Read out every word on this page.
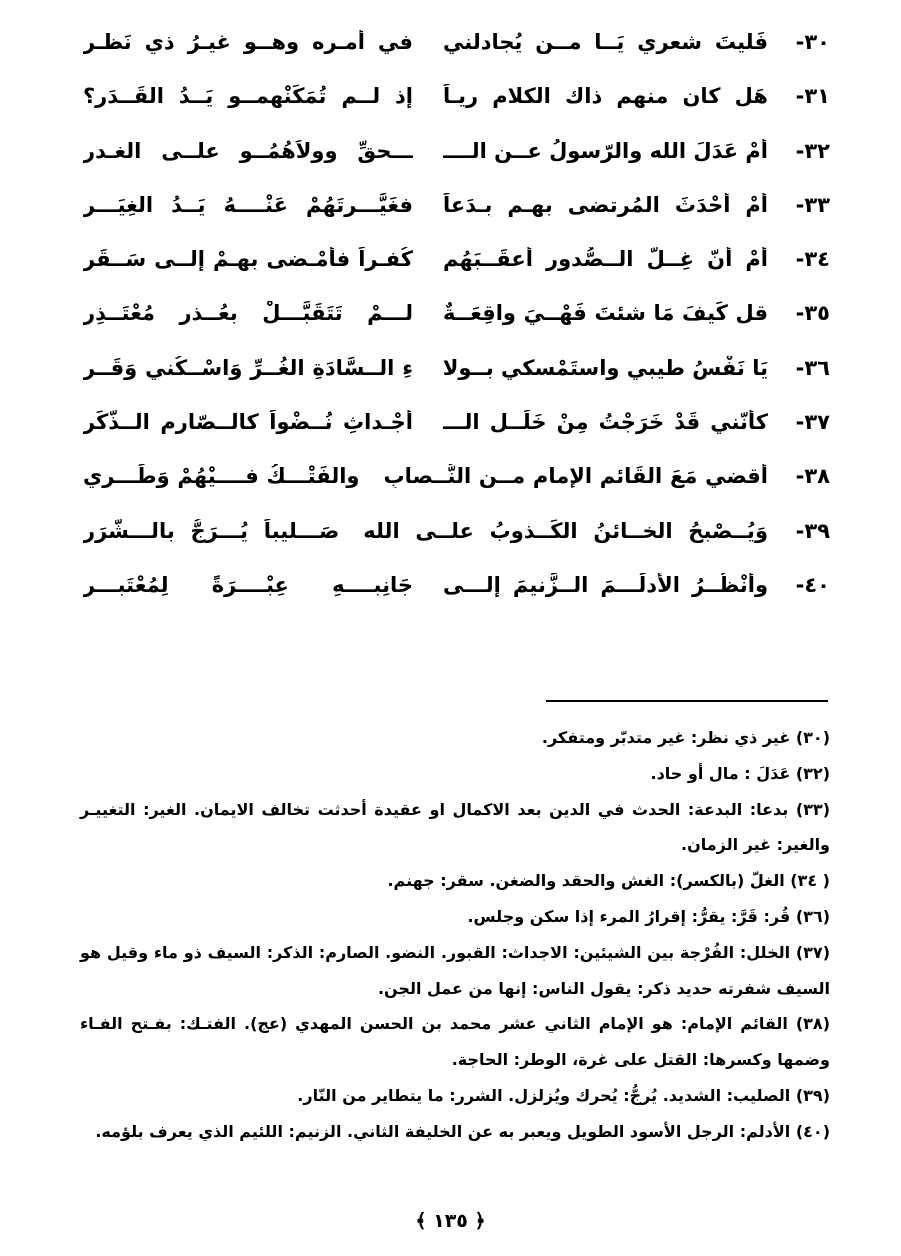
٣٠-
فَليتَ شعري يَــا مــن يُجادلني
في أمـره وهــو غيـرُ ذي نَظـر
٣١-
هَل كان منهم ذاك الكلام ريـاً
إذ لــم تُمَكِّنْهمــو يَــدُ القَــدَرِ؟
٣٢-
أمْ عَدَلَ الله والرّسولُ عــن الــــ
ـــحقِّ وولاَهُمُــو علــى الغـدرِ
٣٣-
أمْ أحْدَثَ المُرتضى بهـم بِـدَعاً
فغَيَّـــرتَهُمْ عَنْــــهُ يَــدُ الغِيَـــرِ
٣٤-
أمْ أنّ غِــلَّ الــصُّدورِ أعقَــبَهُم
كُفـراً فأمْـضى بِهِـمْ إلــى سَــقَرِ
٣٥-
قل كَيفَ مَا شئتَ فَهْــيَ واقِعَــةٌ
لـــمْ تَتَقَبَّـــلْ بعُــذرِ مُعْتَــذِرِ
٣٦-
يَا نَفْسُ طيبي واستَمْسكي بــولا
ءِ الــسَّادَةِ الغُــرِّ وَاسْــكُني وَقَــرِ
٣٧-
كأنّني قَدْ خَرَجْتُ مِنْ خَلَــلِ الـــ
أجْـداثِ نُــضْواً كالــصّارِمِ الــذَّكَرِ
٣٨-
أقضي مَعَ القَائمِ الإمامِ مــن النُّــصابِوالفَتْـــكُ فــــيْهُمْ وَطَـــرِي
٣٩-
وَيُــصْبِحُ الخــائنُ الكَــذوبُ علــى اللهصَـــليباً يُـــرَجُّ بالـــشَّرَرِ
٤٠-
وأنْظُــرُ الأدلَـــمَ الــزَّنيمَ إلـــى
جَانِبِــــهِ عِبْــــرَةً لِمُعْتَبِـــرِ
(٣٠) غير ذي نظر: غير متدبّر ومتفكر.
(٣٢) عَدَلَ : مال أو حاد.
(٣٣) بدعا: البدعة: الحدث في الدين بعد الاكمال او عقيدة أحدثت تخالف الايمان. الغير: التغييـر والغير: غير الزمان.
( ٣٤) الغلّ (بالكسر): الغش والحقد والضغن. سقر: جهنم.
(٣٦) قُر: قَرَّ: يقرُّ: إقرارُ المرء إذا سكن وجلس.
(٣٧) الخلل: الفُرْجة بين الشيئين: الاجداث: القبور. النضو. الصارم: الذكر: السيف ذو ماء وقيل هو السيف شفرته حديد ذكر: يقول الناس: إنها من عمل الجن.
(٣٨) القائم الإمام: هو الإمام الثاني عشر محمد بن الحسن المهدي (عج). الفتـك: بفـتح الفـاء وضمها وكسرها: القتل على غرة، الوطر: الحاجة.
(٣٩) الصليب: الشديد. يُرجُّ: يُحرك ويُزلزل. الشرر: ما يتطاير من النّار.
(٤٠) الأدلم: الرجل الأسود الطويل ويعبر به عن الخليفة الثاني. الزنيم: اللئيم الذي يعرف بلؤمه.
﴿ ١٣٥ ﴾
